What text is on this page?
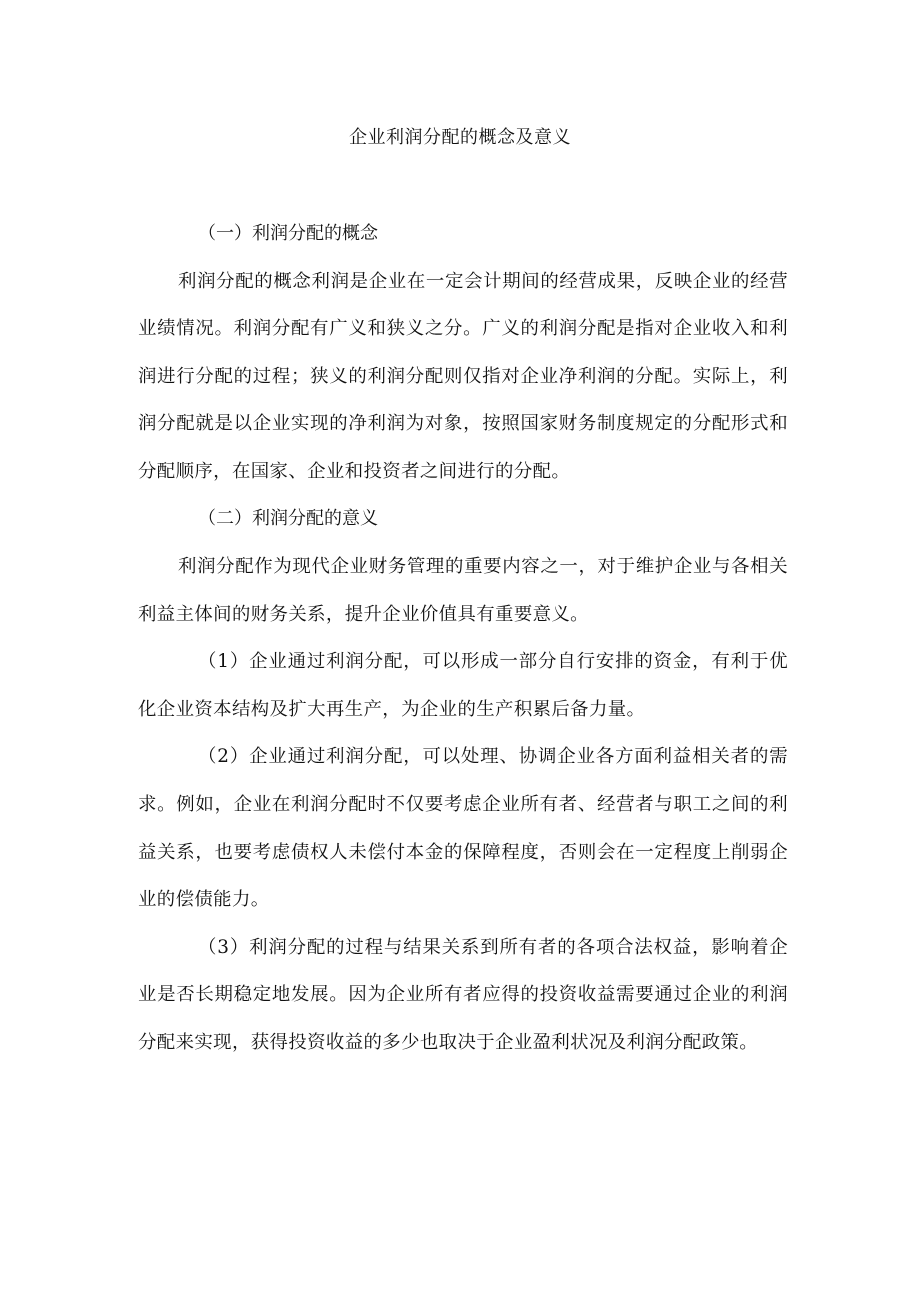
企业利润分配的概念及意义

（一）利润分配的概念

利润分配的概念利润是企业在一定会计期间的经营成果，反映企业的经营业绩情况。利润分配有广义和狭义之分。广义的利润分配是指对企业收入和利润进行分配的过程；狭义的利润分配则仅指对企业净利润的分配。实际上，利润分配就是以企业实现的净利润为对象，按照国家财务制度规定的分配形式和分配顺序，在国家、企业和投资者之间进行的分配。

（二）利润分配的意义

利润分配作为现代企业财务管理的重要内容之一，对于维护企业与各相关利益主体间的财务关系，提升企业价值具有重要意义。

（1）企业通过利润分配，可以形成一部分自行安排的资金，有利于优化企业资本结构及扩大再生产，为企业的生产积累后备力量。

（2）企业通过利润分配，可以处理、协调企业各方面利益相关者的需求。例如，企业在利润分配时不仅要考虑企业所有者、经营者与职工之间的利益关系，也要考虑债权人未偿付本金的保障程度，否则会在一定程度上削弱企业的偿债能力。

（3）利润分配的过程与结果关系到所有者的各项合法权益，影响着企业是否长期稳定地发展。因为企业所有者应得的投资收益需要通过企业的利润分配来实现，获得投资收益的多少也取决于企业盈利状况及利润分配政策。
